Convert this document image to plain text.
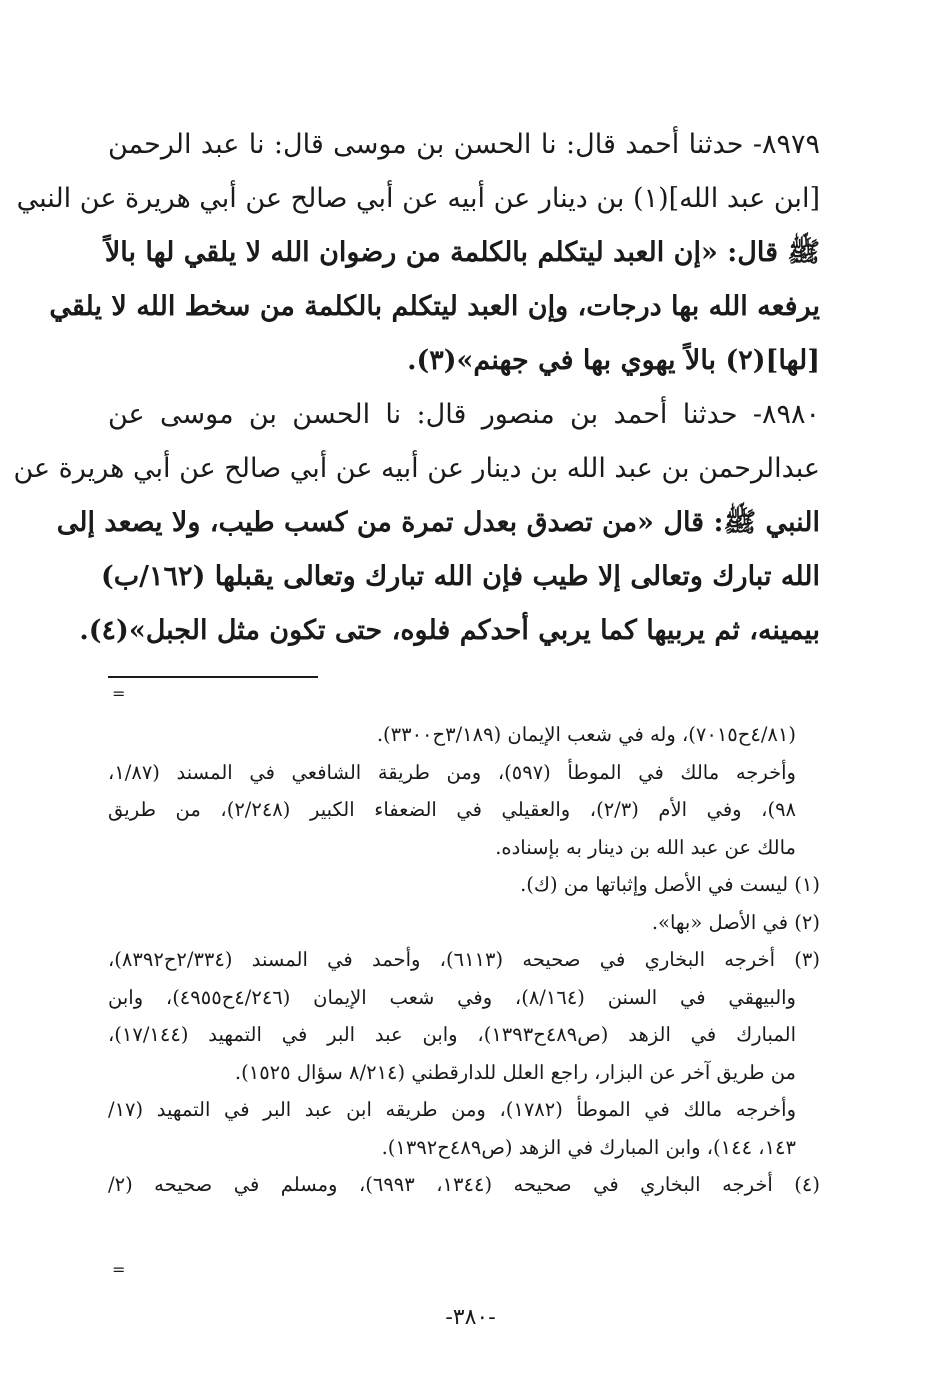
٨٩٧٩- حدثنا أحمد قال: نا الحسن بن موسى قال: نا عبد الرحمن
[ابن عبد الله](١) بن دينار عن أبيه عن أبي صالح عن أبي هريرة عن النبي
ﷺ قال: «إن العبد ليتكلم بالكلمة من رضوان الله لا يلقي لها بالاً
يرفعه الله بها درجات، وإن العبد ليتكلم بالكلمة من سخط الله لا يلقي
[لها](٢) بالاً يهوي بها في جهنم»(٣).
٨٩٨٠- حدثنا أحمد بن منصور قال: نا الحسن بن موسى عن
عبدالرحمن بن عبد الله بن دينار عن أبيه عن أبي صالح عن أبي هريرة عن
النبي ﷺ: قال «من تصدق بعدل تمرة من كسب طيب، ولا يصعد إلى
الله تبارك وتعالى إلا طيب فإن الله تبارك وتعالى يقبلها (١٦٢/ب)
بيمينه، ثم يربيها كما يربي أحدكم فلوه، حتى تكون مثل الجبل»(٤).
=
(٤/٨١ح٧٠١٥)، وله في شعب الإيمان (٣/١٨٩ح٣٣٠٠).
وأخرجه مالك في الموطأ (٥٩٧)، ومن طريقة الشافعي في المسند (١/٨٧،
٩٨)، وفي الأم (٢/٣)، والعقيلي في الضعفاء الكبير (٢/٢٤٨)، من طريق
مالك عن عبد الله بن دينار به بإسناده.
(١) ليست في الأصل وإثباتها من (ك).
(٢) في الأصل «بها».
(٣) أخرجه البخاري في صحيحه (٦١١٣)، وأحمد في المسند (٢/٣٣٤ح٨٣٩٢)،
والبيهقي في السنن (٨/١٦٤)، وفي شعب الإيمان (٤/٢٤٦ح٤٩٥٥)، وابن
المبارك في الزهد (ص٤٨٩ح١٣٩٣)، وابن عبد البر في التمهيد (١٧/١٤٤)،
من طريق آخر عن البزار، راجع العلل للدارقطني (٨/٢١٤ سؤال ١٥٢٥).
وأخرجه مالك في الموطأ (١٧٨٢)، ومن طريقه ابن عبد البر في التمهيد (١٧/
١٤٣، ١٤٤)، وابن المبارك في الزهد (ص٤٨٩ح١٣٩٢).
(٤) أخرجه البخاري في صحيحه (١٣٤٤، ٦٩٩٣)، ومسلم في صحيحه (٢/
=
-٣٨٠-
